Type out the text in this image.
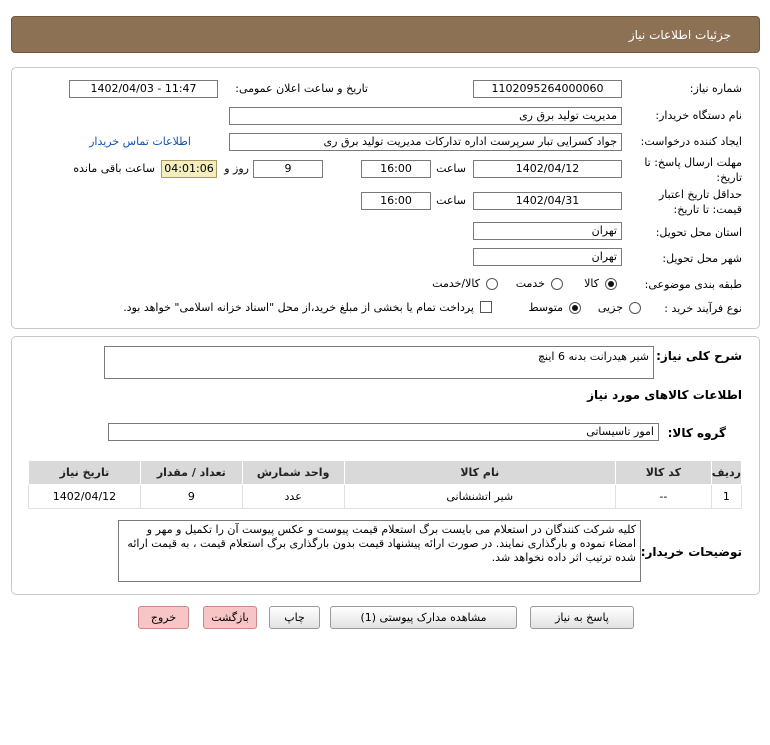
جزئیات اطلاعات نیاز
شماره نیاز:
1102095264000060
تاریخ و ساعت اعلان عمومی:
1402/04/03 - 11:47
نام دستگاه خریدار:
مدیریت تولید برق ری
ایجاد کننده درخواست:
جواد کسرایی تبار سرپرست اداره تدارکات مدیریت تولید برق ری
اطلاعات تماس خریدار
مهلت ارسال پاسخ: تا
تاریخ:
1402/04/12
ساعت
16:00
9
روز و
04:01:06
ساعت باقی مانده
حداقل تاریخ اعتبار
قیمت: تا تاریخ:
1402/04/31
ساعت
16:00
استان محل تحویل:
تهران
شهر محل تحویل:
تهران
طبقه بندی موضوعی:
کالا
خدمت
کالا/خدمت
نوع فرآیند خرید :
جزیی
متوسط
پرداخت تمام یا بخشی از مبلغ خرید،از محل "اسناد خزانه اسلامی" خواهد بود.
شرح کلی نیاز:
شیر هیدرانت بدنه 6 اینچ
اطلاعات کالاهای مورد نیاز
گروه کالا:
امور تاسیساتی
ردیف	کد کالا	نام کالا	واحد شمارش	تعداد / مقدار	تاریخ نیاز
1	--	شیر اتشنشانی	عدد	9	1402/04/12
توضیحات خریدار:
کلیه شرکت کنندگان در استعلام می بایست برگ استعلام قیمت پیوست و عکس پیوست آن را تکمیل و مهر و امضاء نموده و بارگذاری نمایند. در صورت ارائه پیشنهاد قیمت بدون بارگذاری برگ استعلام قیمت ، به قیمت ارائه شده ترتیب اثر داده نخواهد شد.
پاسخ به نیاز
مشاهده مدارک پیوستی (1)
چاپ
بازگشت
خروج
